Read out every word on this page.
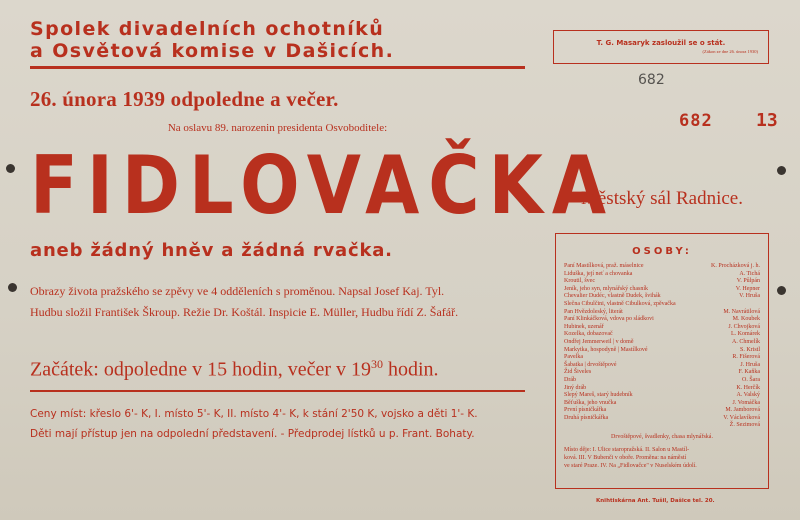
Spolek divadelních ochotníků
a Osvětová komise v Dašicích.
26. února 1939 odpoledne a večer.
Na oslavu 89. narozenin presidenta Osvoboditele:
FIDLOVAČKA
aneb žádný hněv a žádná rvačka.
Obrazy života pražského se zpěvy ve 4 odděleních s proměnou. Napsal Josef Kaj. Tyl.
Hudbu složil František Škroup. Režie Dr. Koštál. Inspicie E. Müller, Hudbu řídí Z. Šafář.
Začátek: odpoledne v 15 hodin, večer v $19^{30}$ hodin.
Ceny míst: křeslo 6'- K, I. místo 5'- K, II. místo 4'- K, k stání 2'50 K, vojsko a děti 1'- K.
Děti mají přístup jen na odpolední představení. - Předprodej lístků u p. Frant. Bohaty.
T. G. Masaryk zasloužil se o stát.
(Zákon ze dne 26. února 1930)
682
682 13
Městský sál Radnice.
OSOBY:
Paní Mastílková, praž. máselnice	K. Procházková j. h.
Liduška, její neť a chovanka	A. Tichá
Kroutil, švec	V. Půlpán
Jeník, jeho syn, mlynářský chasník	V. Hepner
Chevalier Dudéc, vlastně Dudek, švihák	V. Hruša
Slečna Cibulčini, vlastně Cibulková, zpěvačka
Pan Hvězdoleský, literát	M. Navrátilová
Paní Klinkáčková, vdova po sládkovi	M. Koubek
Hubinek, uzenář	J. Chvojková
Kozelka, dobazovač	L. Komárek
Ondřej Jemmerweil | v domě	A. Chmelík
Markytka, hospodyně | Mastílkové	S. Kristl
Pavelka	R. Fišerová
Šabatka | drvoštěpové	J. Hruša
Žid Šiveles	F. Kaňka
Dráb	O. Šara
Jiný dráb	K. Herčík
Slepý Mareš, starý hudebník	A. Valský
Běťuška, jeho vnučka	J. Vomáčka
První písničkářka	M. Jamborová
Druhá písničkářka	V. Václavíková
Ž. Sezimová
Drvoštěpové, švadlenky, chasa mlynářská.
Místo děje: I. Ulice staropražská. II. Salon u Mastíl-
ková. III. V Bubenči v oboře. Proměna: na náměstí
ve staré Praze. IV. Na „Fidlovačce" v Nuselském údolí.
Knihtiskárna Ant. Tušil, Dašice tel. 20.
